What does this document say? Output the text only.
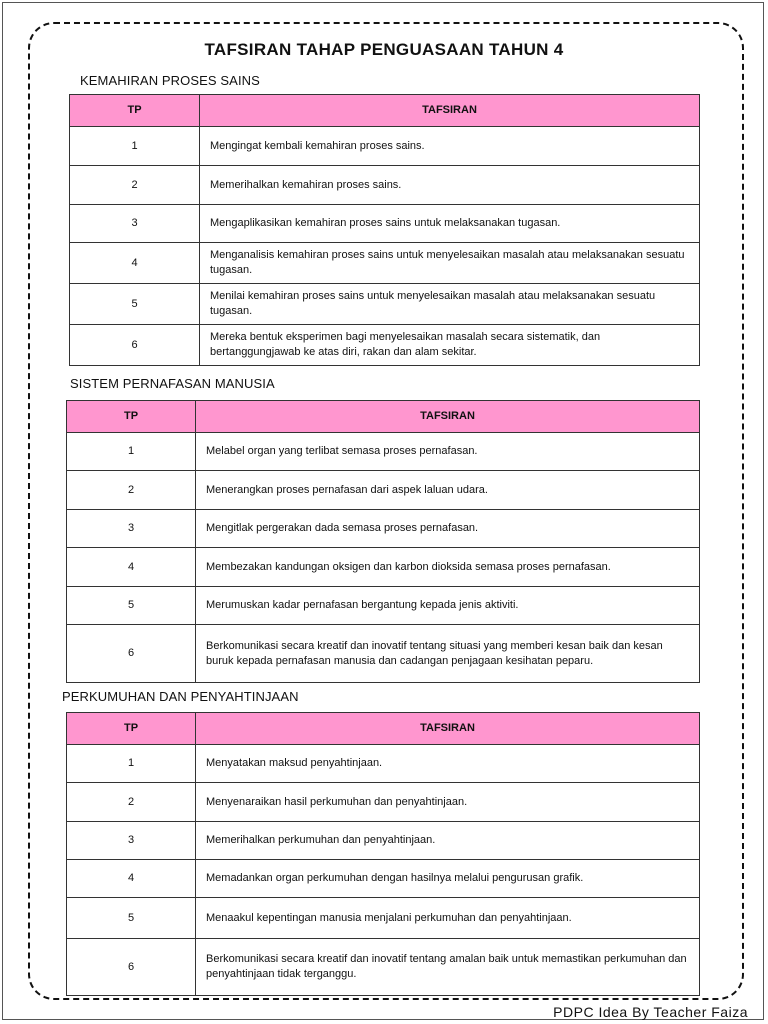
TAFSIRAN TAHAP PENGUASAAN TAHUN 4
KEMAHIRAN PROSES SAINS
TP	TAFSIRAN
1	Mengingat kembali kemahiran proses sains.
2	Memerihalkan kemahiran proses sains.
3	Mengaplikasikan kemahiran proses sains untuk melaksanakan tugasan.
4	Menganalisis kemahiran proses sains untuk menyelesaikan masalah atau melaksanakan sesuatu tugasan.
5	Menilai kemahiran proses sains untuk menyelesaikan masalah atau melaksanakan sesuatu tugasan.
6	Mereka bentuk eksperimen bagi menyelesaikan masalah secara sistematik, dan bertanggungjawab ke atas diri, rakan dan alam sekitar.
SISTEM PERNAFASAN MANUSIA
TP	TAFSIRAN
1	Melabel organ yang terlibat semasa proses pernafasan.
2	Menerangkan proses pernafasan dari aspek laluan udara.
3	Mengitlak pergerakan dada semasa proses pernafasan.
4	Membezakan kandungan oksigen dan karbon dioksida semasa proses pernafasan.
5	Merumuskan kadar pernafasan bergantung kepada jenis aktiviti.
6	Berkomunikasi secara kreatif dan inovatif tentang situasi yang memberi kesan baik dan kesan buruk kepada pernafasan manusia dan cadangan penjagaan kesihatan peparu.
PERKUMUHAN DAN PENYAHTINJAAN
TP	TAFSIRAN
1	Menyatakan maksud penyahtinjaan.
2	Menyenaraikan hasil perkumuhan dan penyahtinjaan.
3	Memerihalkan perkumuhan dan penyahtinjaan.
4	Memadankan organ perkumuhan dengan hasilnya melalui pengurusan grafik.
5	Menaakul kepentingan manusia menjalani perkumuhan dan penyahtinjaan.
6	Berkomunikasi secara kreatif dan inovatif tentang amalan baik untuk memastikan perkumuhan dan penyahtinjaan tidak terganggu.
PDPC Idea By Teacher Faiza
